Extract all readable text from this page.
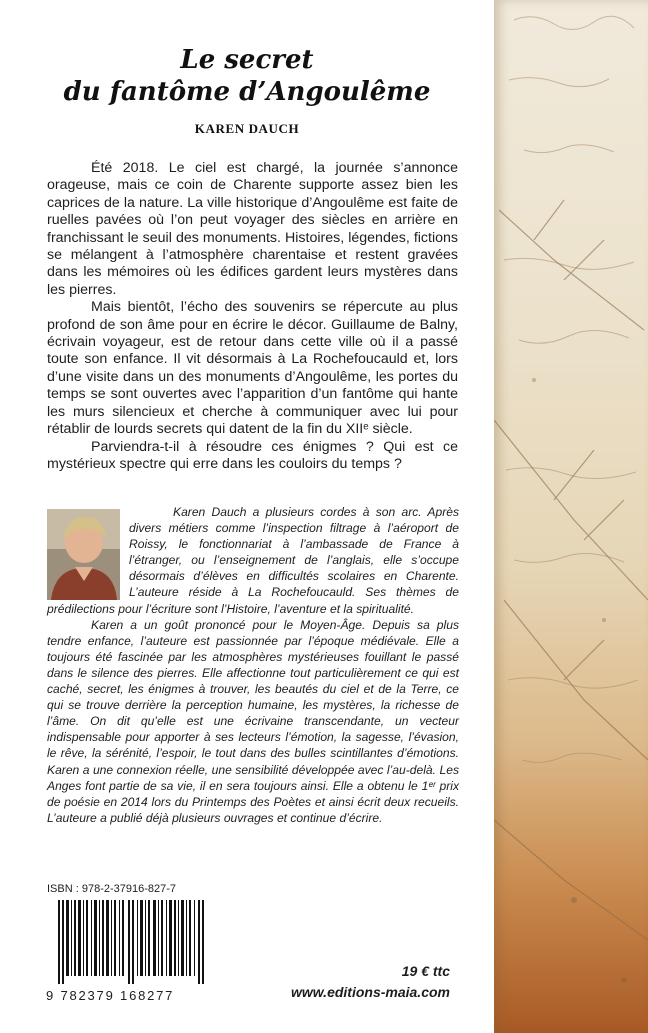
Le secret
du fantôme d’Angoulême
KAREN DAUCH

Été 2018. Le ciel est chargé, la journée s’annonce orageuse, mais ce coin de Charente supporte assez bien les caprices de la nature. La ville historique d’Angoulême est faite de ruelles pavées où l’on peut voyager des siècles en arrière en franchissant le seuil des monuments. Histoires, légendes, fictions se mélangent à l’atmosphère charentaise et restent gravées dans les mémoires où les édifices gardent leurs mystères dans les pierres.

Mais bientôt, l’écho des souvenirs se répercute au plus profond de son âme pour en écrire le décor. Guillaume de Balny, écrivain voyageur, est de retour dans cette ville où il a passé toute son enfance. Il vit désormais à La Rochefoucauld et, lors d’une visite dans un des monuments d’Angoulême, les portes du temps se sont ouvertes avec l’apparition d’un fantôme qui hante les murs silencieux et cherche à communiquer avec lui pour rétablir de lourds secrets qui datent de la fin du XIIᵉ siècle.

Parviendra-t-il à résoudre ces énigmes ? Qui est ce mystérieux spectre qui erre dans les couloirs du temps ?

Karen Dauch a plusieurs cordes à son arc. Après divers métiers comme l’inspection filtrage à l’aéroport de Roissy, le fonctionnariat à l’ambassade de France à l’étranger, ou l’enseignement de l’anglais, elle s’occupe désormais d’élèves en difficultés scolaires en Charente. L’auteure réside à La Rochefoucauld. Ses thèmes de prédilections pour l’écriture sont l’Histoire, l’aventure et la spiritualité.

Karen a un goût prononcé pour le Moyen-Âge. Depuis sa plus tendre enfance, l’auteure est passionnée par l’époque médiévale. Elle a toujours été fascinée par les atmosphères mystérieuses fouillant le passé dans le silence des pierres. Elle affectionne tout particulièrement ce qui est caché, secret, les énigmes à trouver, les beautés du ciel et de la Terre, ce qui se trouve derrière la perception humaine, les mystères, la richesse de l’âme. On dit qu’elle est une écrivaine transcendante, un vecteur indispensable pour apporter à ses lecteurs l’émotion, la sagesse, l’évasion, le rêve, la sérénité, l’espoir, le tout dans des bulles scintillantes d’émotions. Karen a une connexion réelle, une sensibilité développée avec l’au-delà. Les Anges font partie de sa vie, il en sera toujours ainsi. Elle a obtenu le 1ᵉʳ prix de poésie en 2014 lors du Printemps des Poètes et ainsi écrit deux recueils. L’auteure a publié déjà plusieurs ouvrages et continue d’écrire.

ISBN : 978-2-37916-827-7
9 782379 168277
19 € ttc
www.editions-maia.com
